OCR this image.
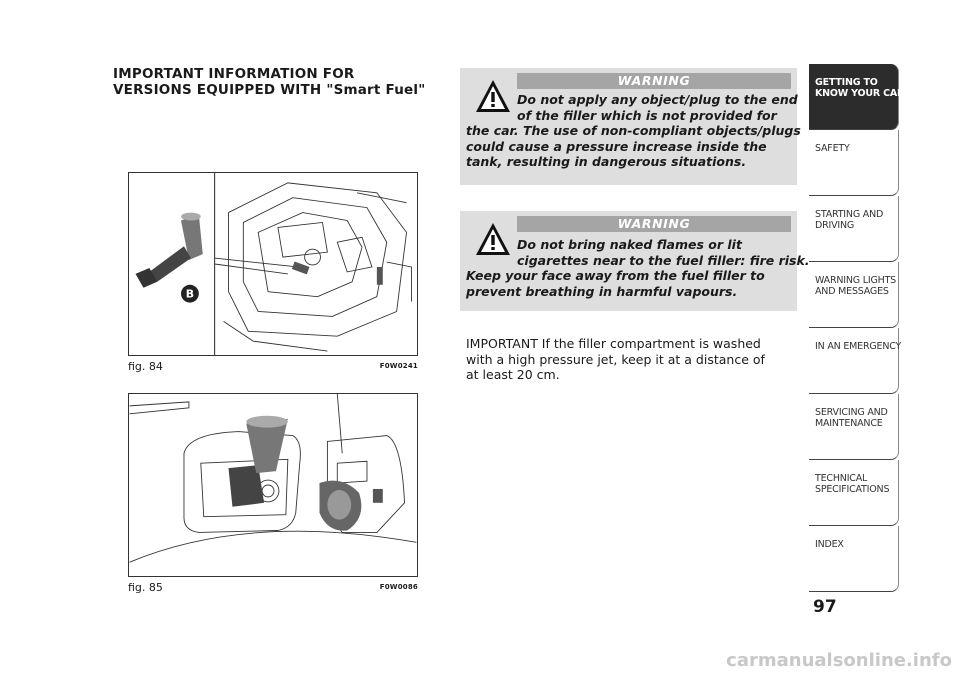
IMPORTANT INFORMATION FOR
VERSIONS EQUIPPED WITH "Smart Fuel"
B
fig. 84	F0W0241
fig. 85	F0W0086
WARNING
Do not apply any object/plug to the end
of the filler which is not provided for
the car. The use of non-compliant objects/plugs
could cause a pressure increase inside the
tank, resulting in dangerous situations.
WARNING
Do not bring naked flames or lit
cigarettes near to the fuel filler: fire risk.
Keep your face away from the fuel filler to
prevent breathing in harmful vapours.
IMPORTANT If the filler compartment is washed
with a high pressure jet, keep it at a distance of
at least 20 cm.
GETTING TO
KNOW YOUR CAR
SAFETY
STARTING AND
DRIVING
WARNING LIGHTS
AND MESSAGES
IN AN EMERGENCY
SERVICING AND
MAINTENANCE
TECHNICAL
SPECIFICATIONS
INDEX
97
carmanualsonline.info
